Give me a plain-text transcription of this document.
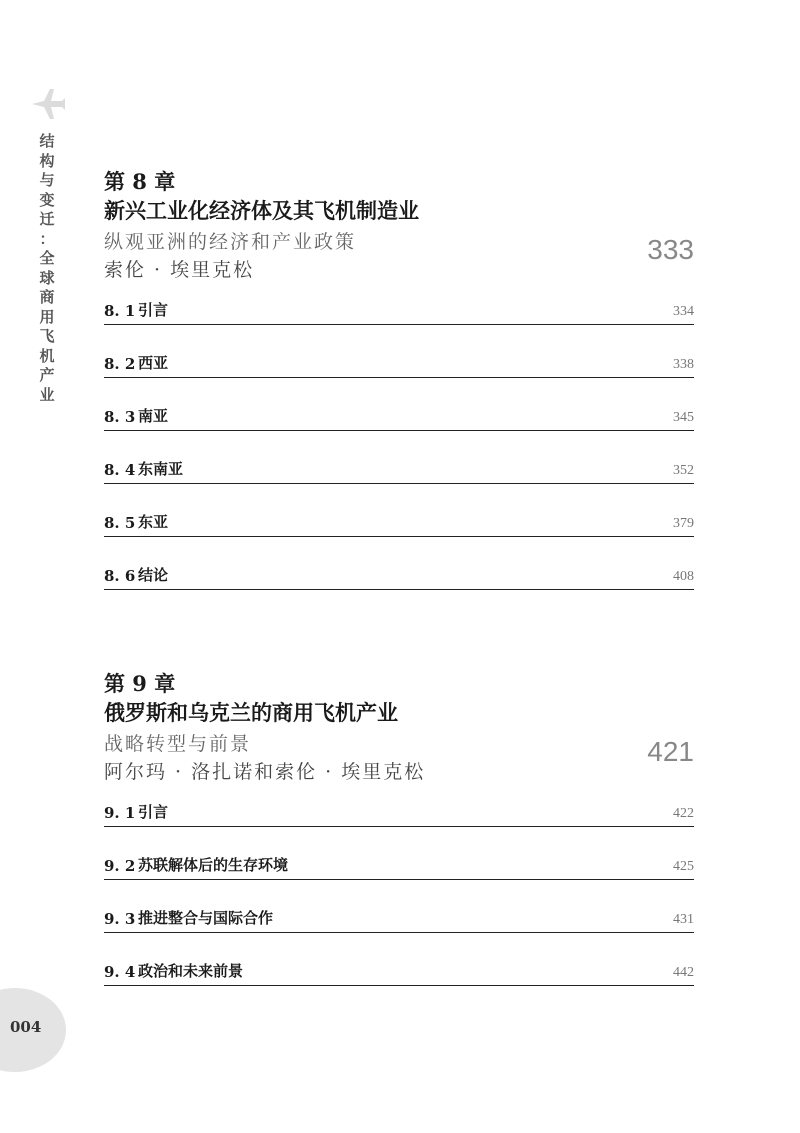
结
构
与
变
迁
：
全
球
商
用
飞
机
产
业
004
第 8 章
新兴工业化经济体及其飞机制造业
纵观亚洲的经济和产业政策
索伦 · 埃里克松
333
8. 1 引言	334
8. 2 西亚	338
8. 3 南亚	345
8. 4 东南亚	352
8. 5 东亚	379
8. 6 结论	408
第 9 章
俄罗斯和乌克兰的商用飞机产业
战略转型与前景
阿尔玛 · 洛扎诺和索伦 · 埃里克松
421
9. 1 引言	422
9. 2 苏联解体后的生存环境	425
9. 3 推进整合与国际合作	431
9. 4 政治和未来前景	442
